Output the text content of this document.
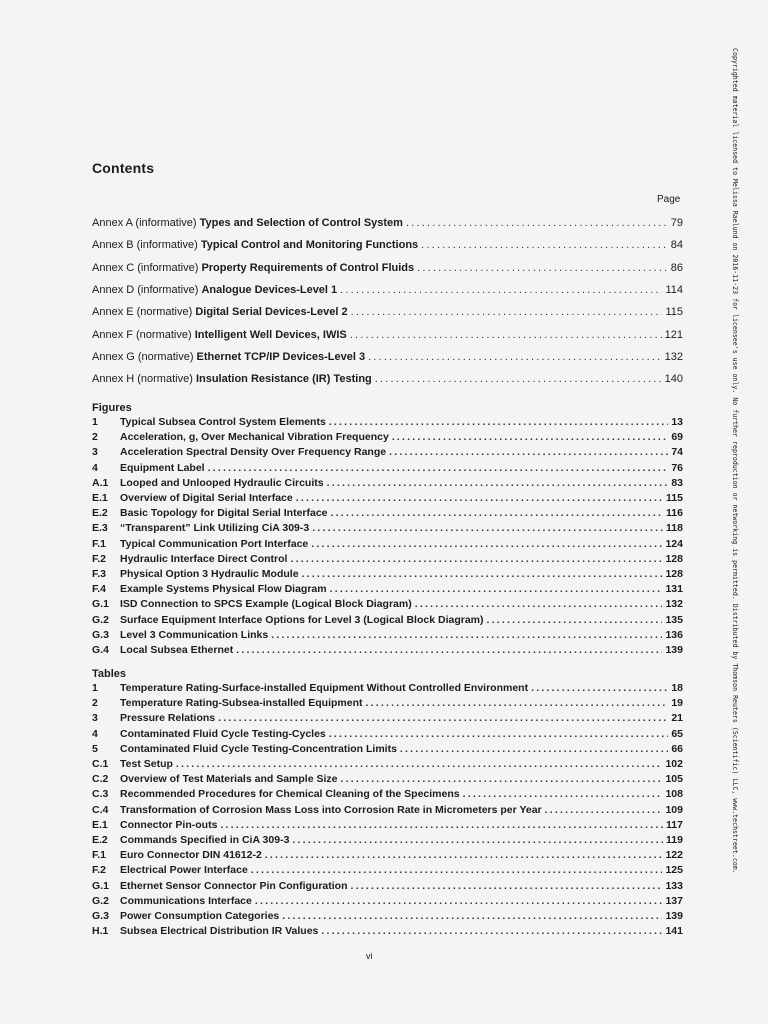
Contents
Page
Annex A (informative) Types and Selection of Control System .....	79
Annex B (informative) Typical Control and Monitoring Functions .....	84
Annex C (informative) Property Requirements of Control Fluids .....	86
Annex D (informative) Analogue Devices-Level 1 .....	114
Annex E (normative) Digital Serial Devices-Level 2 .....	115
Annex F (normative) Intelligent Well Devices, IWIS .....	121
Annex G (normative) Ethernet TCP/IP Devices-Level 3 .....	132
Annex H (normative) Insulation Resistance (IR) Testing .....	140
Figures
1	Typical Subsea Control System Elements .....	13
2	Acceleration, g, Over Mechanical Vibration Frequency .....	69
3	Acceleration Spectral Density Over Frequency Range .....	74
4	Equipment Label .....	76
A.1	Looped and Unlooped Hydraulic Circuits .....	83
E.1	Overview of Digital Serial Interface .....	115
E.2	Basic Topology for Digital Serial Interface .....	116
E.3	“Transparent” Link Utilizing CiA 309-3 .....	118
F.1	Typical Communication Port Interface .....	124
F.2	Hydraulic Interface Direct Control .....	128
F.3	Physical Option 3 Hydraulic Module .....	128
F.4	Example Systems Physical Flow Diagram .....	131
G.1	ISD Connection to SPCS Example (Logical Block Diagram) .....	132
G.2	Surface Equipment Interface Options for Level 3 (Logical Block Diagram) .....	135
G.3	Level 3 Communication Links .....	136
G.4	Local Subsea Ethernet .....	139
Tables
1	Temperature Rating-Surface-installed Equipment Without Controlled Environment .....	18
2	Temperature Rating-Subsea-installed Equipment .....	19
3	Pressure Relations .....	21
4	Contaminated Fluid Cycle Testing-Cycles .....	65
5	Contaminated Fluid Cycle Testing-Concentration Limits .....	66
C.1	Test Setup .....	102
C.2	Overview of Test Materials and Sample Size .....	105
C.3	Recommended Procedures for Chemical Cleaning of the Specimens .....	108
C.4	Transformation of Corrosion Mass Loss into Corrosion Rate in Micrometers per Year .....	109
E.1	Connector Pin-outs .....	117
E.2	Commands Specified in CiA 309-3 .....	119
F.1	Euro Connector DIN 41612-2 .....	122
F.2	Electrical Power Interface .....	125
G.1	Ethernet Sensor Connector Pin Configuration .....	133
G.2	Communications Interface .....	137
G.3	Power Consumption Categories .....	139
H.1	Subsea Electrical Distribution IR Values .....	141
vi
Copyrighted material licensed to Melissa Raelund on 2016-11-23 for licensee's use only. No further reproduction or networking is permitted. Distributed by Thomson Reuters (Scientific) LLC, www.techstreet.com.
